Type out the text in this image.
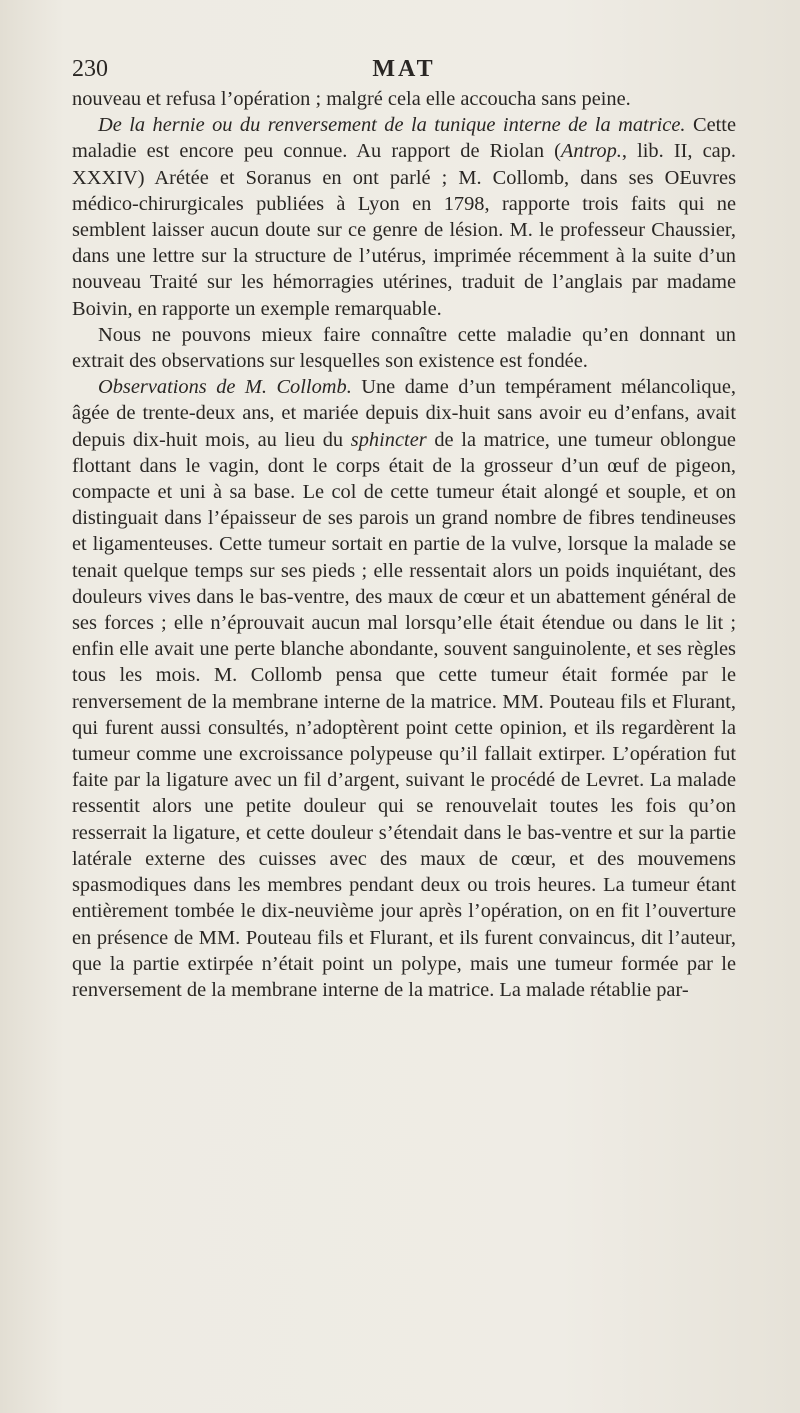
230	MAT

nouveau et refusa l’opération ; malgré cela elle accoucha sans peine.

De la hernie ou du renversement de la tunique interne de la matrice. Cette maladie est encore peu connue. Au rapport de Riolan (Antrop., lib. II, cap. XXXIV) Arétée et Soranus en ont parlé ; M. Collomb, dans ses OEuvres médico-chirurgicales publiées à Lyon en 1798, rapporte trois faits qui ne semblent laisser aucun doute sur ce genre de lésion. M. le professeur Chaussier, dans une lettre sur la structure de l’utérus, imprimée récemment à la suite d’un nouveau Traité sur les hémorragies utérines, traduit de l’anglais par madame Boivin, en rapporte un exemple remarquable.

Nous ne pouvons mieux faire connaître cette maladie qu’en donnant un extrait des observations sur lesquelles son existence est fondée.

Observations de M. Collomb. Une dame d’un tempérament mélancolique, âgée de trente-deux ans, et mariée depuis dix-huit sans avoir eu d’enfans, avait depuis dix-huit mois, au lieu du sphincter de la matrice, une tumeur oblongue flottant dans le vagin, dont le corps était de la grosseur d’un œuf de pigeon, compacte et uni à sa base. Le col de cette tumeur était alongé et souple, et on distinguait dans l’épaisseur de ses parois un grand nombre de fibres tendineuses et ligamenteuses. Cette tumeur sortait en partie de la vulve, lorsque la malade se tenait quelque temps sur ses pieds ; elle ressentait alors un poids inquiétant, des douleurs vives dans le bas-ventre, des maux de cœur et un abattement général de ses forces ; elle n’éprouvait aucun mal lorsqu’elle était étendue ou dans le lit ; enfin elle avait une perte blanche abondante, souvent sanguinolente, et ses règles tous les mois. M. Collomb pensa que cette tumeur était formée par le renversement de la membrane interne de la matrice. MM. Pouteau fils et Flurant, qui furent aussi consultés, n’adoptèrent point cette opinion, et ils regardèrent la tumeur comme une excroissance polypeuse qu’il fallait extirper. L’opération fut faite par la ligature avec un fil d’argent, suivant le procédé de Levret. La malade ressentit alors une petite douleur qui se renouvelait toutes les fois qu’on resserrait la ligature, et cette douleur s’étendait dans le bas-ventre et sur la partie latérale externe des cuisses avec des maux de cœur, et des mouvemens spasmodiques dans les membres pendant deux ou trois heures. La tumeur étant entièrement tombée le dix-neuvième jour après l’opération, on en fit l’ouverture en présence de MM. Pouteau fils et Flurant, et ils furent convaincus, dit l’auteur, que la partie extirpée n’était point un polype, mais une tumeur formée par le renversement de la membrane interne de la matrice. La malade rétablie par-
